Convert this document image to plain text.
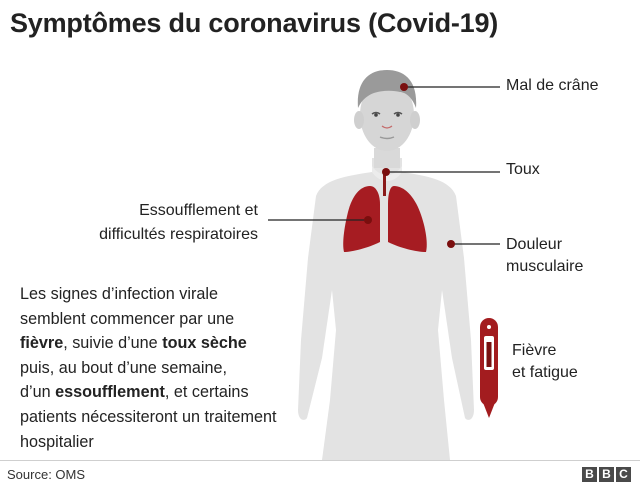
Symptômes du coronavirus (Covid-19)
Mal de crâne
Toux
Essoufflement et
difficultés respiratoires
Douleur
musculaire
Fièvre
et fatigue
Les signes d’infection virale
semblent commencer par une
fièvre, suivie d’une toux sèche
puis, au bout d’une semaine,
d’un essoufflement, et certains
patients nécessiteront un traitement
hospitalier
Source: OMS	B B C
